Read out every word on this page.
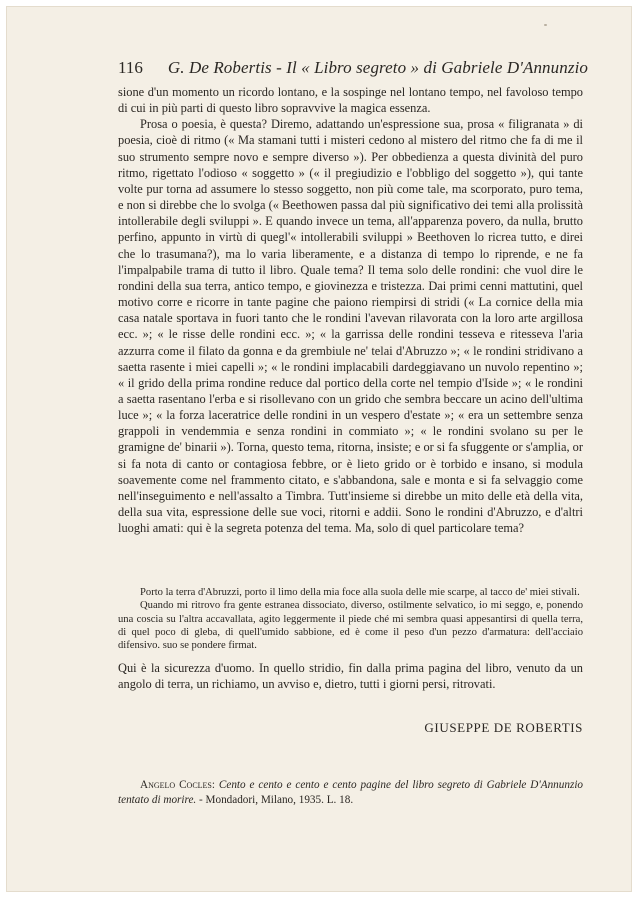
116 G. De Robertis - Il « Libro segreto » di Gabriele D'Annunzio

sione d'un momento un ricordo lontano, e la sospinge nel lontano tempo, nel favoloso tempo di cui in più parti di questo libro sopravvive la magica essenza.

Prosa o poesia, è questa? Diremo, adattando un'espressione sua, prosa « filigranata » di poesia, cioè di ritmo (« Ma stamani tutti i misteri cedono al mistero del ritmo che fa di me il suo strumento sempre novo e sempre diverso »). Per obbedienza a questa divinità del puro ritmo, rigettato l'odioso « soggetto » (« il pregiudizio e l'obbligo del soggetto »), qui tante volte pur torna ad assumere lo stesso soggetto, non più come tale, ma scorporato, puro tema, e non si direbbe che lo svolga (« Beethowen passa dal più significativo dei temi alla prolissità intollerabile degli sviluppi ». E quando invece un tema, all'apparenza povero, da nulla, brutto perfino, appunto in virtù di quegl'« intollerabili sviluppi » Beethoven lo ricrea tutto, e direi che lo trasumana?), ma lo varia liberamente, e a distanza di tempo lo riprende, e ne fa l'impalpabile trama di tutto il libro. Quale tema? Il tema solo delle rondini: che vuol dire le rondini della sua terra, antico tempo, e giovinezza e tristezza. Dai primi cenni mattutini, quel motivo corre e ricorre in tante pagine che paiono riempirsi di stridi (« La cornice della mia casa natale sportava in fuori tanto che le rondini l'avevan rilavorata con la loro arte argillosa ecc. »; « le risse delle rondini ecc. »; « la garrissa delle rondini tesseva e ritesseva l'aria azzurra come il filato da gonna e da grembiule ne' telai d'Abruzzo »; « le rondini stridivano a saetta rasente i miei capelli »; « le rondini implacabili dardeggiavano un nuvolo repentino »; « il grido della prima rondine reduce dal portico della corte nel tempio d'Iside »; « le rondini a saetta rasentano l'erba e si risollevano con un grido che sembra beccare un acino dell'ultima luce »; « la forza laceratrice delle rondini in un vespero d'estate »; « era un settembre senza grappoli in vendemmia e senza rondini in commiato »; « le rondini svolano su per le gramigne de' binarii »). Torna, questo tema, ritorna, insiste; e or si fa sfuggente or s'amplia, or si fa nota di canto or contagiosa febbre, or è lieto grido or è torbido e insano, si modula soavemente come nel frammento citato, e s'abbandona, sale e monta e si fa selvaggio come nell'inseguimento e nell'assalto a Timbra. Tutt'insieme si direbbe un mito delle età della vita, della sua vita, espressione delle sue voci, ritorni e addii. Sono le rondini d'Abruzzo, e d'altri luoghi amati: qui è la segreta potenza del tema. Ma, solo di quel particolare tema?

Porto la terra d'Abruzzi, porto il limo della mia foce alla suola delle mie scarpe, al tacco de' miei stivali.

Quando mi ritrovo fra gente estranea dissociato, diverso, ostilmente selvatico, io mi seggo, e, ponendo una coscia su l'altra accavallata, agito leggermente il piede ché mi sembra quasi appesantirsi di quella terra, di quel poco di gleba, di quell'umido sabbione, ed è come il peso d'un pezzo d'armatura: dell'acciaio difensivo. suo se pondere firmat.

Qui è la sicurezza d'uomo. In quello stridio, fin dalla prima pagina del libro, venuto da un angolo di terra, un richiamo, un avviso e, dietro, tutti i giorni persi, ritrovati.

GIUSEPPE DE ROBERTIS
Angelo Cocles: Cento e cento e cento e cento pagine del libro segreto di Gabriele D'Annunzio tentato di morire. - Mondadori, Milano, 1935. L. 18.
